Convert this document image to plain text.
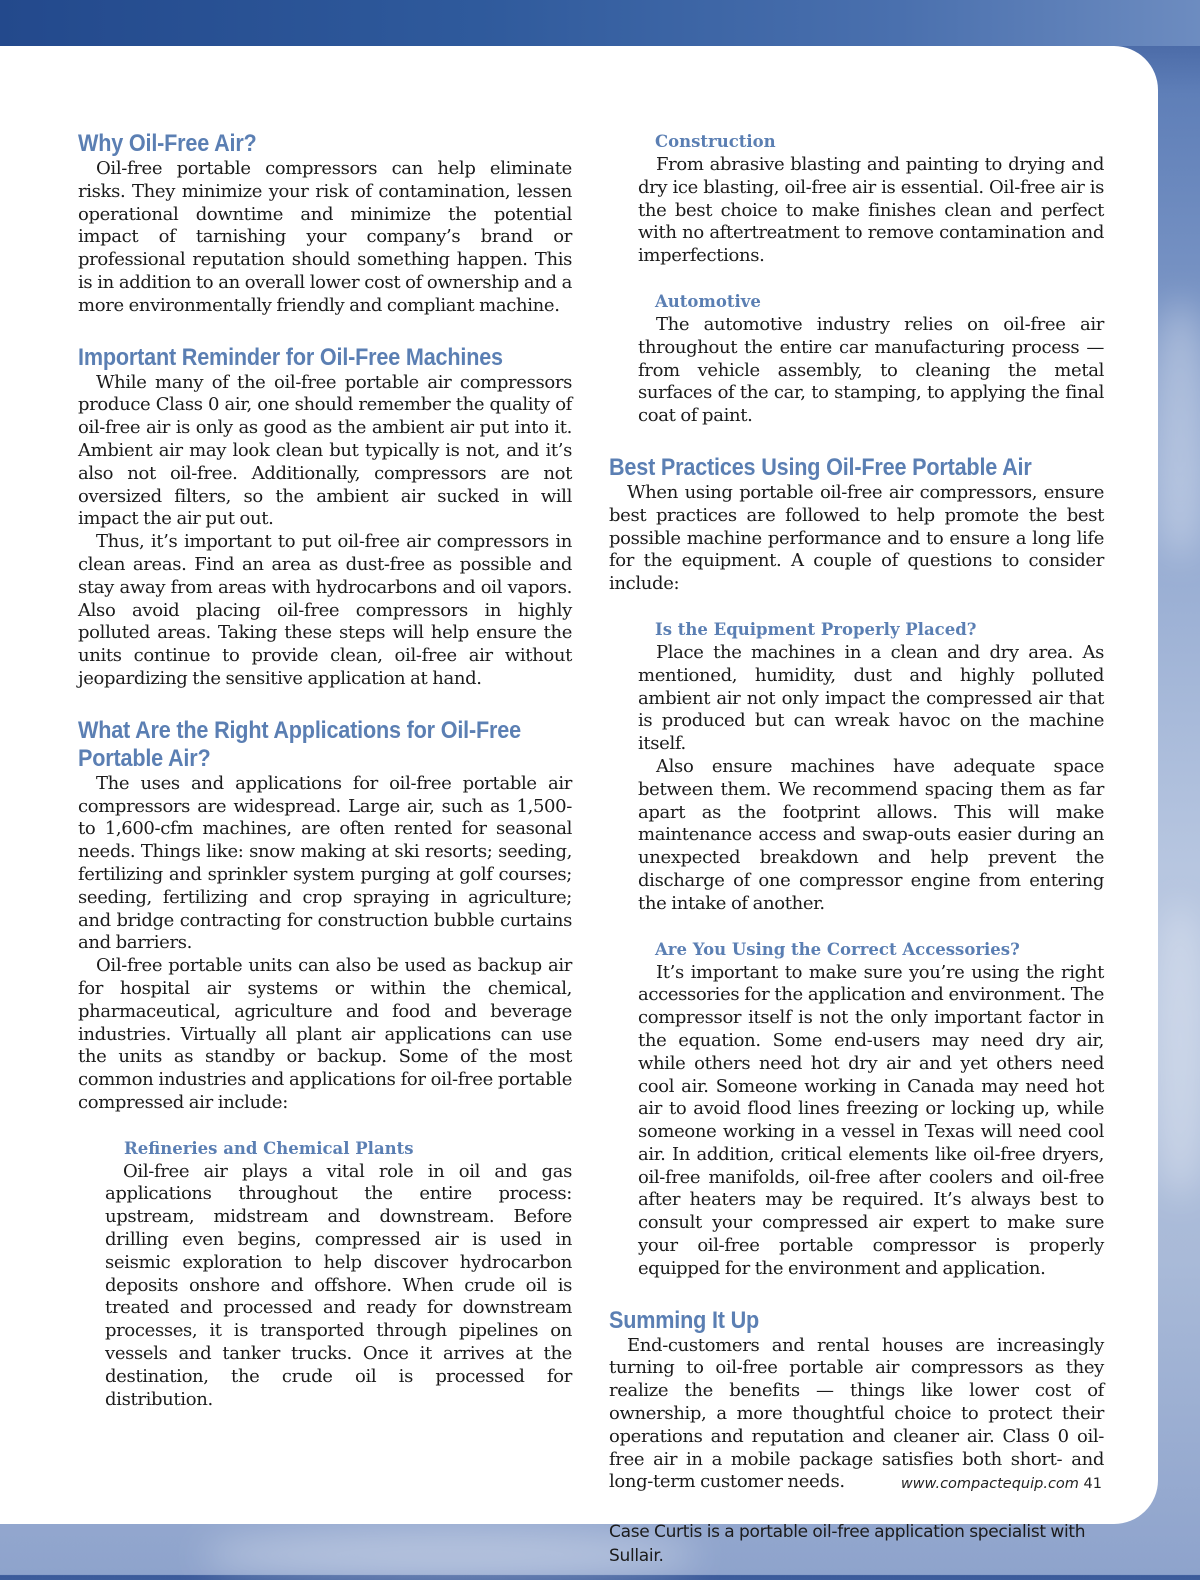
Why Oil-Free Air?

Oil-free portable compressors can help eliminate risks. They minimize your risk of contamination, lessen operational downtime and minimize the potential impact of tarnishing your company’s brand or professional reputation should something happen. This is in addition to an overall lower cost of ownership and a more environmentally friendly and compliant machine.

Important Reminder for Oil-Free Machines

While many of the oil-free portable air compressors produce Class 0 air, one should remember the quality of oil-free air is only as good as the ambient air put into it. Ambient air may look clean but typically is not, and it’s also not oil-free. Additionally, compressors are not oversized filters, so the ambient air sucked in will impact the air put out.

Thus, it’s important to put oil-free air compressors in clean areas. Find an area as dust-free as possible and stay away from areas with hydrocarbons and oil vapors. Also avoid placing oil-free compressors in highly polluted areas. Taking these steps will help ensure the units continue to provide clean, oil-free air without jeopardizing the sensitive application at hand.

What Are the Right Applications for Oil-Free Portable Air?

The uses and applications for oil-free portable air compressors are widespread. Large air, such as 1,500- to 1,600-cfm machines, are often rented for seasonal needs. Things like: snow making at ski resorts; seeding, fertilizing and sprinkler system purging at golf courses; seeding, fertilizing and crop spraying in agriculture; and bridge contracting for construction bubble curtains and barriers.

Oil-free portable units can also be used as backup air for hospital air systems or within the chemical, pharmaceutical, agriculture and food and beverage industries. Virtually all plant air applications can use the units as standby or backup. Some of the most common industries and applications for oil-free portable compressed air include:

Refineries and Chemical Plants

Oil-free air plays a vital role in oil and gas applications throughout the entire process: upstream, midstream and downstream. Before drilling even begins, compressed air is used in seismic exploration to help discover hydrocarbon deposits onshore and offshore. When crude oil is treated and processed and ready for downstream processes, it is transported through pipelines on vessels and tanker trucks. Once it arrives at the destination, the crude oil is processed for distribution.

Construction

From abrasive blasting and painting to drying and dry ice blasting, oil-free air is essential. Oil-free air is the best choice to make finishes clean and perfect with no aftertreatment to remove contamination and imperfections.

Automotive

The automotive industry relies on oil-free air throughout the entire car manufacturing process — from vehicle assembly, to cleaning the metal surfaces of the car, to stamping, to applying the final coat of paint.

Best Practices Using Oil-Free Portable Air

When using portable oil-free air compressors, ensure best practices are followed to help promote the best possible machine performance and to ensure a long life for the equipment. A couple of questions to consider include:

Is the Equipment Properly Placed?

Place the machines in a clean and dry area. As mentioned, humidity, dust and highly polluted ambient air not only impact the compressed air that is produced but can wreak havoc on the machine itself.

Also ensure machines have adequate space between them. We recommend spacing them as far apart as the footprint allows. This will make maintenance access and swap-outs easier during an unexpected breakdown and help prevent the discharge of one compressor engine from entering the intake of another.

Are You Using the Correct Accessories?

It’s important to make sure you’re using the right accessories for the application and environment. The compressor itself is not the only important factor in the equation. Some end-users may need dry air, while others need hot dry air and yet others need cool air. Someone working in Canada may need hot air to avoid flood lines freezing or locking up, while someone working in a vessel in Texas will need cool air. In addition, critical elements like oil-free dryers, oil-free manifolds, oil-free after coolers and oil-free after heaters may be required. It’s always best to consult your compressed air expert to make sure your oil-free portable compressor is properly equipped for the environment and application.

Summing It Up

End-customers and rental houses are increasingly turning to oil-free portable air compressors as they realize the benefits — things like lower cost of ownership, a more thoughtful choice to protect their operations and reputation and cleaner air. Class 0 oil-free air in a mobile package satisfies both short- and long-term customer needs.

Case Curtis is a portable oil-free application specialist with Sullair.

www.compactequip.com 41
